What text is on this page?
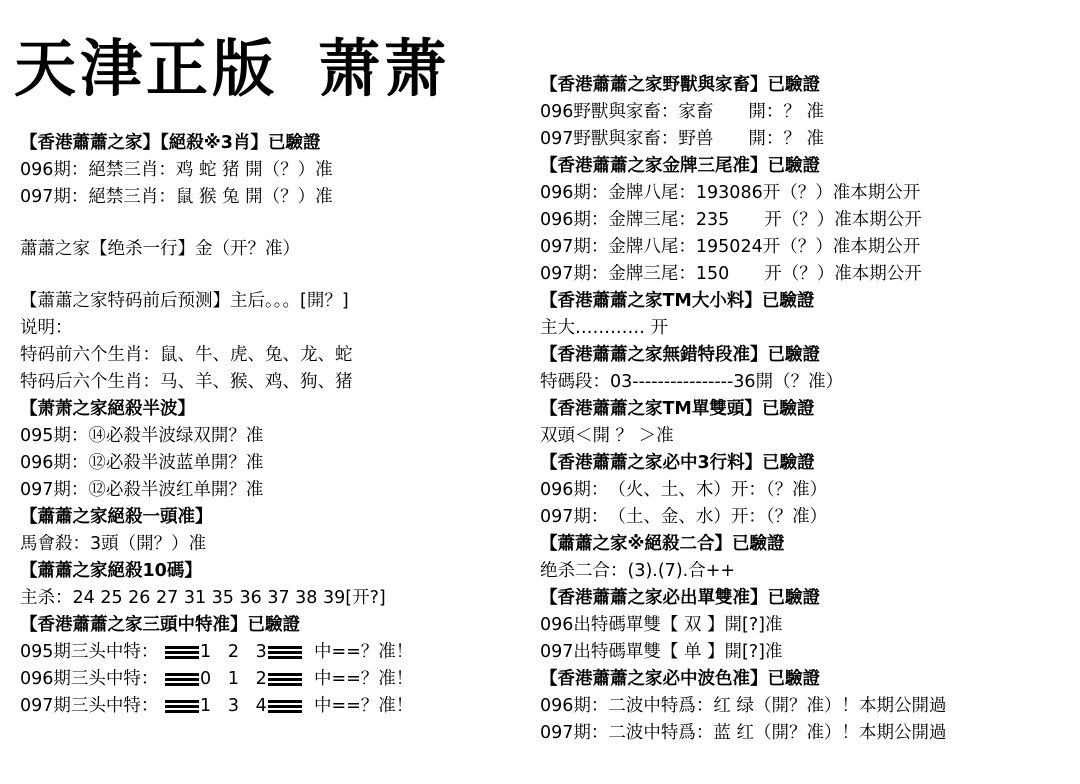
天津正版 萧萧
【香港蕭蕭之家】【絕殺※3肖】已驗證
096期：絕禁三肖：鸡 蛇 猪 開（？）准
097期：絕禁三肖：鼠 猴 兔 開（？）准
蕭蕭之家【绝杀一行】金（开？准）
【蕭蕭之家特码前后预测】主后。。。[開？]
说明：
特码前六个生肖：鼠、牛、虎、兔、龙、蛇
特码后六个生肖：马、羊、猴、鸡、狗、猪
【萧萧之家絕殺半波】
095期：⑭必殺半波绿双開？准
096期：⑫必殺半波蓝单開？准
097期：⑫必殺半波红单開？准
【蕭蕭之家絕殺一頭准】
馬會殺：3頭（開？）准
【蕭蕭之家絕殺10碼】
主杀：24 25 26 27 31 35 36 37 38 39[开?]
【香港蕭蕭之家三頭中特准】已驗證
095期三头中特： 1 2 3	中==？准！
096期三头中特： 0 1 2	中==？准！
097期三头中特： 1 3 4	中==？准！
【香港蕭蕭之家野獸與家畜】已驗證
096野獸與家畜：家畜　　開：？ 准
097野獸與家畜：野兽　　開：？ 准
【香港蕭蕭之家金牌三尾准】已驗證
096期：金牌八尾：193086开（？）准本期公开
096期：金牌三尾：235　　开（？）准本期公开
097期：金牌八尾：195024开（？）准本期公开
097期：金牌三尾：150　　开（？）准本期公开
【香港蕭蕭之家TM大小料】已驗證
主大………… 开
【香港蕭蕭之家無錯特段准】已驗證
特碼段：03----------------36開（？准）
【香港蕭蕭之家TM單雙頭】已驗證
双頭＜開 ？ ＞准
【香港蕭蕭之家必中3行料】已驗證
096期：　（火、土、木）开：（？准）
097期：　（土、金、水）开：（？准）
【蕭蕭之家※絕殺二合】已驗證
绝杀二合：(3).(7).合++
【香港蕭蕭之家必出單雙准】已驗證
096出特碼單雙【 双 】開[?]准
097出特碼單雙【 单 】開[?]准
【香港蕭蕭之家必中波色准】已驗證
096期：二波中特爲：红 绿（開？准）！本期公開過
097期：二波中特爲：蓝 红（開？准）！本期公開過
